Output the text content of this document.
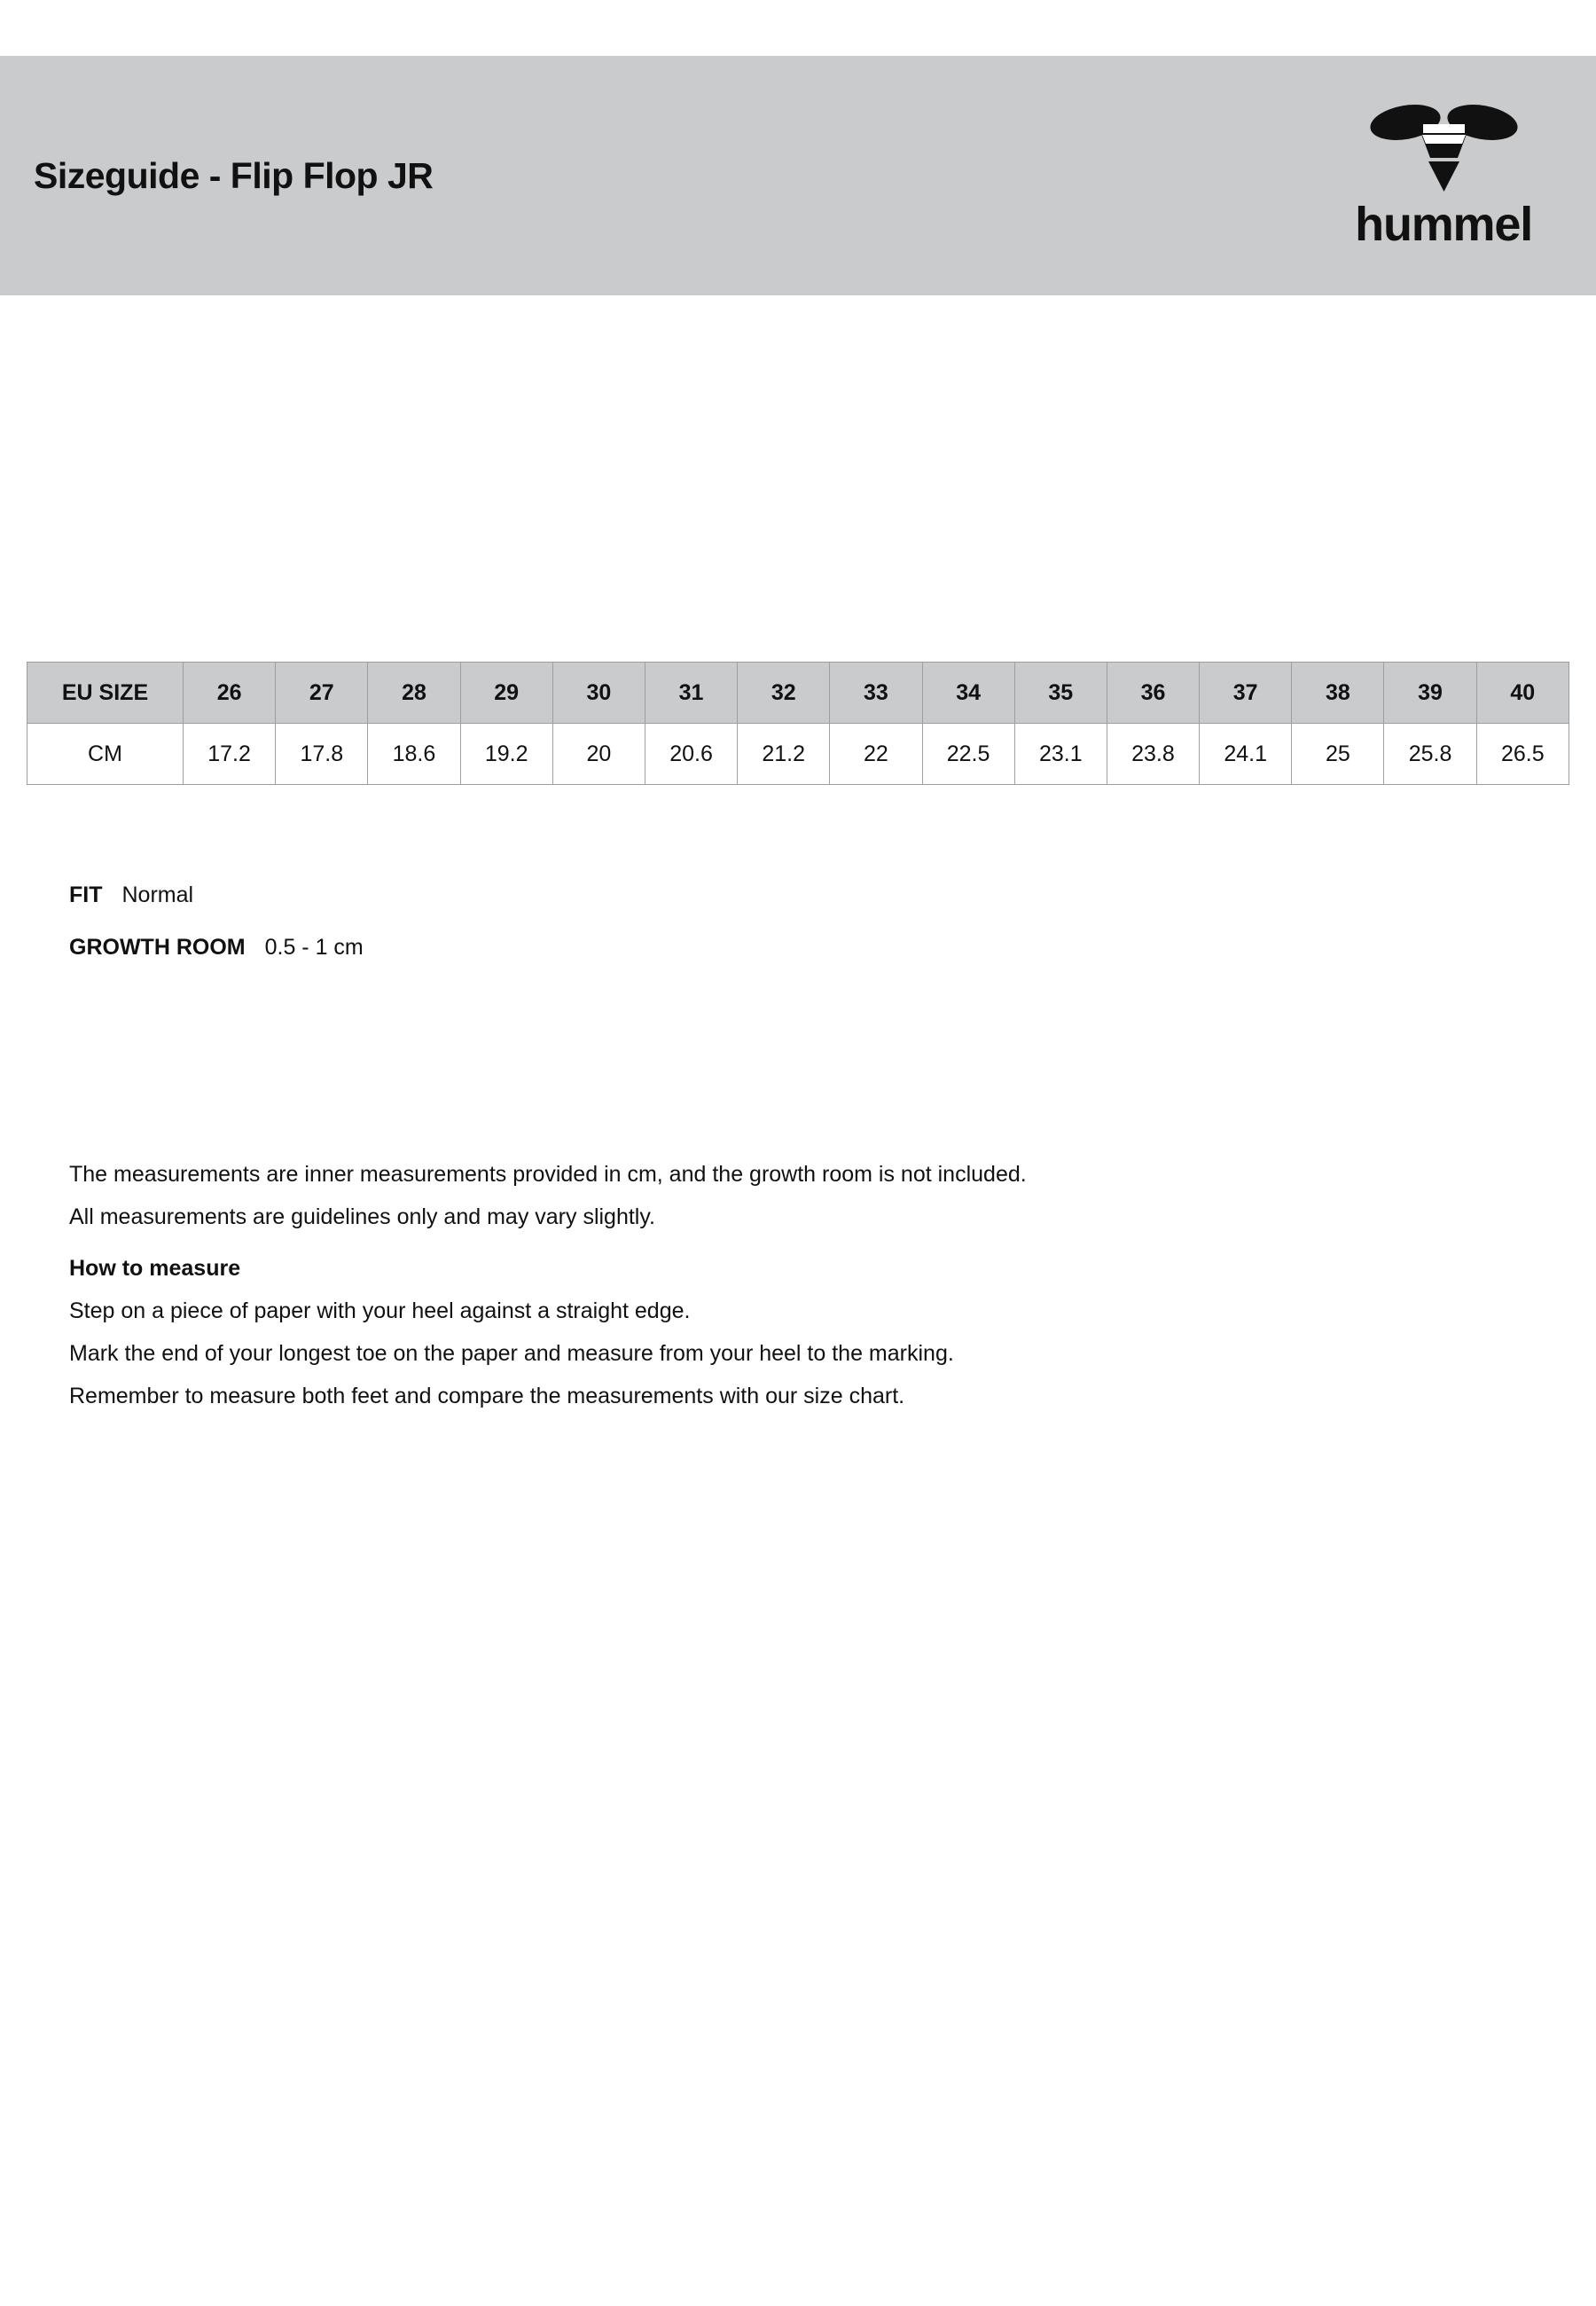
Sizeguide - Flip Flop JR
hummel
EU SIZE	26	27	28	29	30	31	32	33	34	35	36	37	38	39	40
CM	17.2	17.8	18.6	19.2	20	20.6	21.2	22	22.5	23.1	23.8	24.1	25	25.8	26.5
FIT Normal
GROWTH ROOM 0.5 - 1 cm
The measurements are inner measurements provided in cm, and the growth room is not included.
All measurements are guidelines only and may vary slightly.
How to measure
Step on a piece of paper with your heel against a straight edge.
Mark the end of your longest toe on the paper and measure from your heel to the marking.
Remember to measure both feet and compare the measurements with our size chart.
